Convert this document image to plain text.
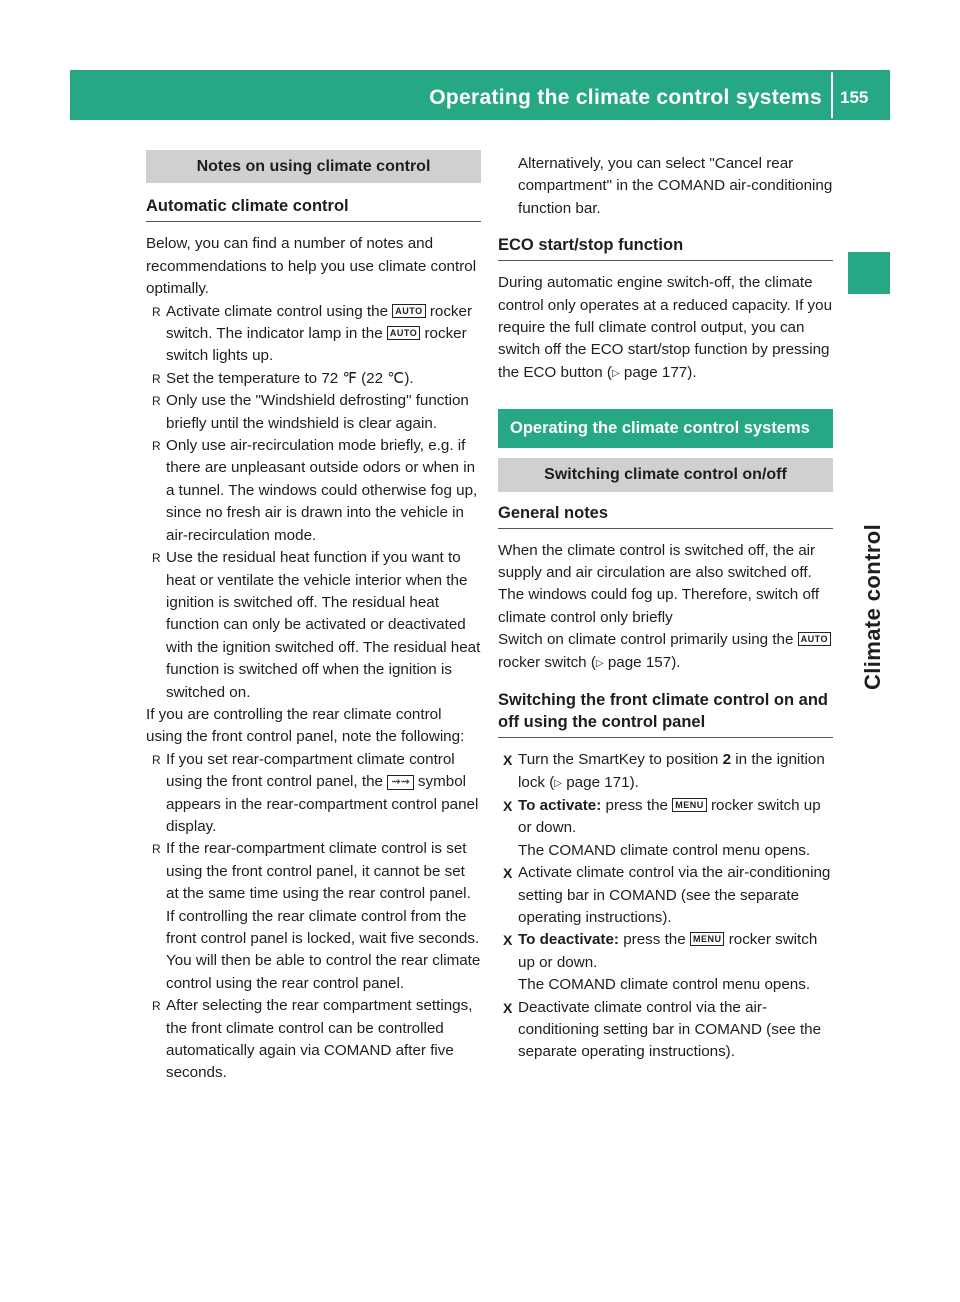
Operating the climate control systems 155
Climate control
Notes on using climate control
Automatic climate control

Below, you can find a number of notes and recommendations to help you use climate control optimally.

R Activate climate control using the AUTO rocker switch. The indicator lamp in the AUTO rocker switch lights up.
R Set the temperature to 72 ℉ (22 ℃).
R Only use the "Windshield defrosting" function briefly until the windshield is clear again.
R Only use air-recirculation mode briefly, e.g. if there are unpleasant outside odors or when in a tunnel. The windows could otherwise fog up, since no fresh air is drawn into the vehicle in air-recirculation mode.
R Use the residual heat function if you want to heat or ventilate the vehicle interior when the ignition is switched off. The residual heat function can only be activated or deactivated with the ignition switched off. The residual heat function is switched off when the ignition is switched on.

If you are controlling the rear climate control using the front control panel, note the following:

R If you set rear-compartment climate control using the front control panel, the ⇝⇝ symbol appears in the rear-compartment control panel display.
R If the rear-compartment climate control is set using the front control panel, it cannot be set at the same time using the rear control panel. If controlling the rear climate control from the front control panel is locked, wait five seconds. You will then be able to control the rear climate control using the rear control panel.
R After selecting the rear compartment settings, the front climate control can be controlled automatically again via COMAND after five seconds.

Alternatively, you can select "Cancel rear compartment" in the COMAND air-conditioning function bar.

ECO start/stop function

During automatic engine switch-off, the climate control only operates at a reduced capacity. If you require the full climate control output, you can switch off the ECO start/stop function by pressing the ECO button (▷ page 177).

Operating the climate control systems
Switching climate control on/off
General notes

When the climate control is switched off, the air supply and air circulation are also switched off. The windows could fog up. Therefore, switch off climate control only briefly

Switch on climate control primarily using the AUTO rocker switch (▷ page 157).

Switching the front climate control on and off using the control panel
X Turn the SmartKey to position 2 in the ignition lock (▷ page 171).
X To activate: press the MENU rocker switch up or down.
The COMAND climate control menu opens.
X Activate climate control via the air-conditioning setting bar in COMAND (see the separate operating instructions).
X To deactivate: press the MENU rocker switch up or down.
The COMAND climate control menu opens.
X Deactivate climate control via the air-conditioning setting bar in COMAND (see the separate operating instructions).
